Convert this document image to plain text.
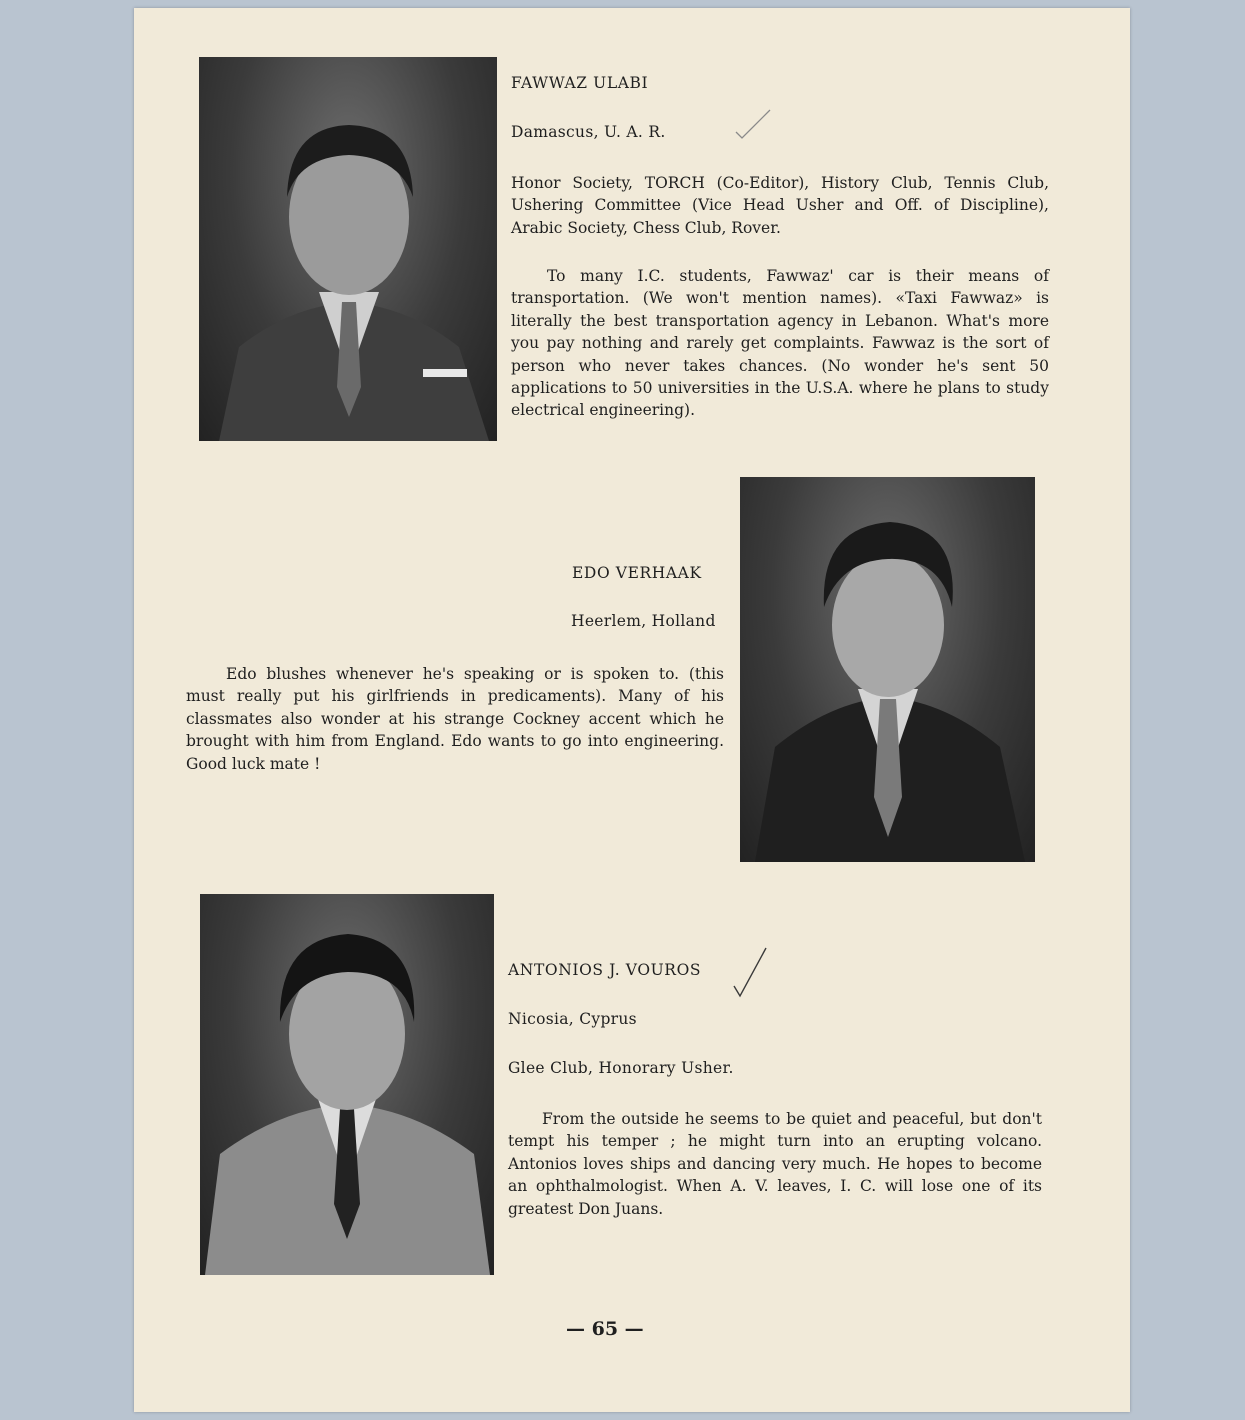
FAWWAZ ULABI
Damascus, U. A. R.
Honor Society, TORCH (Co-Editor), History Club, Tennis Club, Ushering Committee (Vice Head Usher and Off. of Discipline), Arabic Society, Chess Club, Rover.
To many I.C. students, Fawwaz' car is their means of transportation. (We won't mention names). «Taxi Fawwaz» is literally the best transportation agency in Lebanon. What's more you pay nothing and rarely get complaints. Fawwaz is the sort of person who never takes chances. (No wonder he's sent 50 applications to 50 universities in the U.S.A. where he plans to study electrical engineering).
EDO VERHAAK
Heerlem, Holland
Edo blushes whenever he's speaking or is spoken to. (this must really put his girlfriends in predicaments). Many of his classmates also wonder at his strange Cockney accent which he brought with him from England. Edo wants to go into engineering. Good luck mate !
ANTONIOS J. VOUROS
Nicosia, Cyprus
Glee Club, Honorary Usher.
From the outside he seems to be quiet and peaceful, but don't tempt his temper ; he might turn into an erupting volcano. Antonios loves ships and dancing very much. He hopes to become an ophthalmologist. When A. V. leaves, I. C. will lose one of its greatest Don Juans.
— 65 —
